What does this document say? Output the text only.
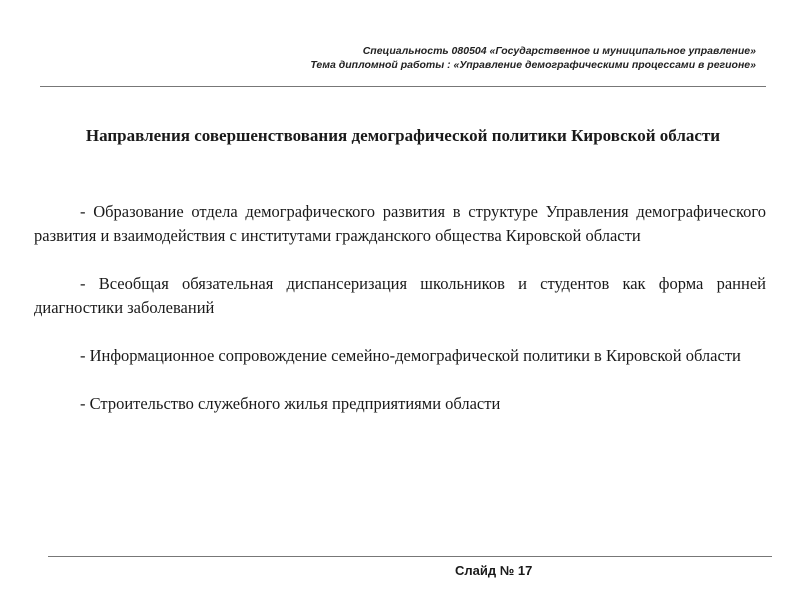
Специальность 080504 «Государственное и муниципальное управление»
Тема дипломной работы : «Управление демографическими процессами в регионе»
Направления совершенствования демографической политики Кировской области

- Образование отдела демографического развития в структуре Управления демографического развития и взаимодействия с институтами гражданского общества Кировской области

- Всеобщая обязательная диспансеризация школьников и студентов как форма ранней диагностики заболеваний

- Информационное сопровождение семейно-демографической политики в Кировской области

- Строительство служебного жилья предприятиями области

Слайд № 17
